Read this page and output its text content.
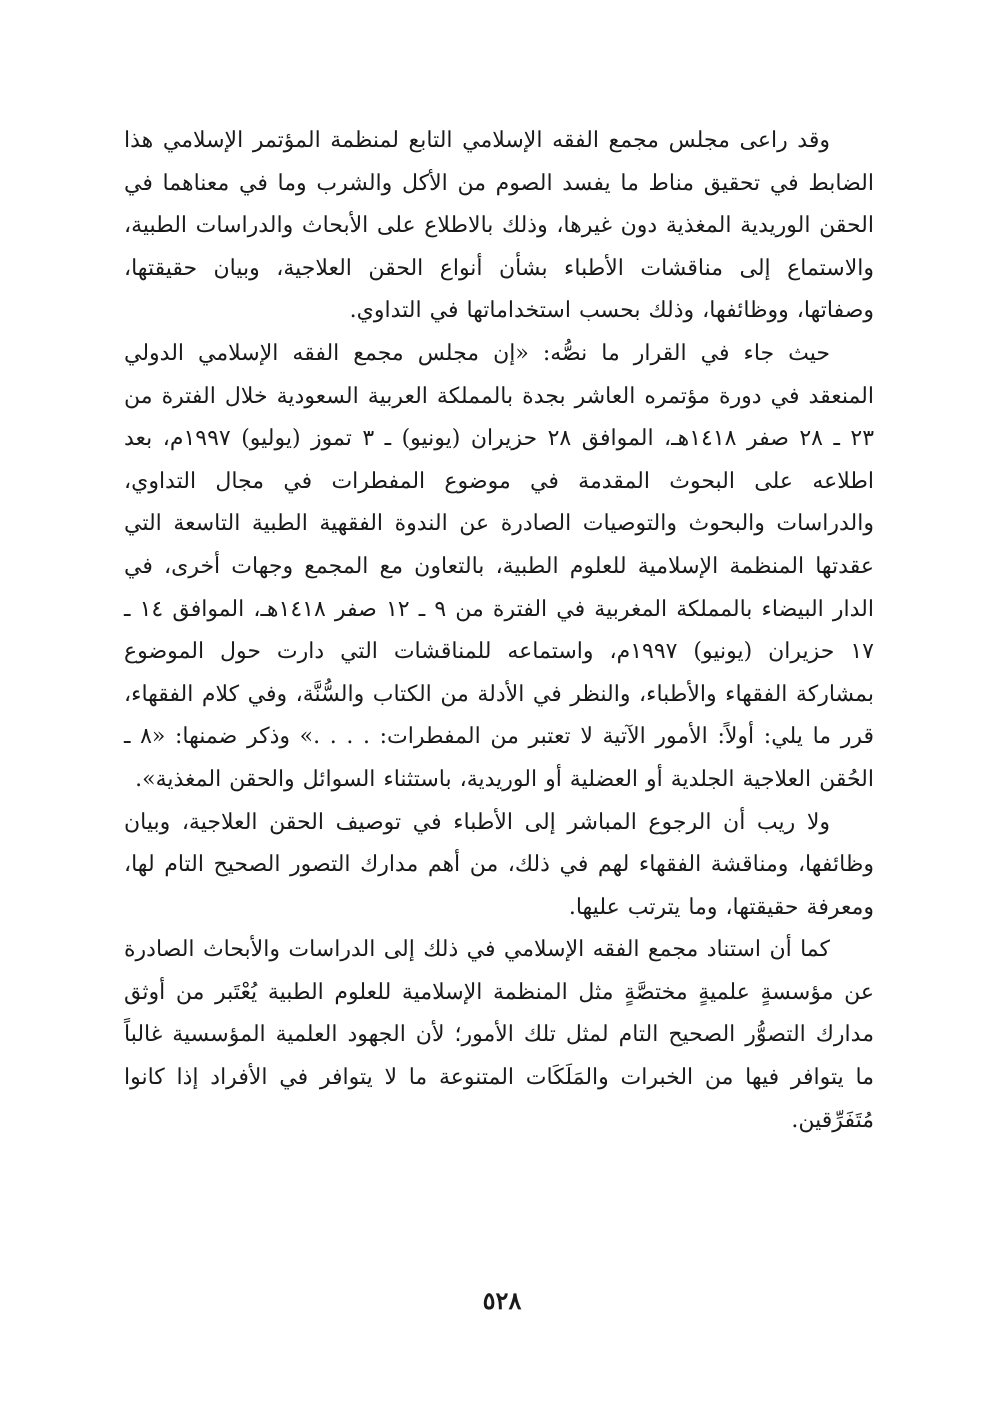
وقد راعى مجلس مجمع الفقه الإسلامي التابع لمنظمة المؤتمر الإسلامي هذا الضابط في تحقيق مناط ما يفسد الصوم من الأكل والشرب وما في معناهما في الحقن الوريدية المغذية دون غيرها، وذلك بالاطلاع على الأبحاث والدراسات الطبية، والاستماع إلى مناقشات الأطباء بشأن أنواع الحقن العلاجية، وبيان حقيقتها، وصفاتها، ووظائفها، وذلك بحسب استخداماتها في التداوي.

حيث جاء في القرار ما نصُّه: «إن مجلس مجمع الفقه الإسلامي الدولي المنعقد في دورة مؤتمره العاشر بجدة بالمملكة العربية السعودية خلال الفترة من ٢٣ ـ ٢٨ صفر ١٤١٨هـ، الموافق ٢٨ حزيران (يونيو) ـ ٣ تموز (يوليو) ١٩٩٧م، بعد اطلاعه على البحوث المقدمة في موضوع المفطرات في مجال التداوي، والدراسات والبحوث والتوصيات الصادرة عن الندوة الفقهية الطبية التاسعة التي عقدتها المنظمة الإسلامية للعلوم الطبية، بالتعاون مع المجمع وجهات أخرى، في الدار البيضاء بالمملكة المغربية في الفترة من ٩ ـ ١٢ صفر ١٤١٨هـ، الموافق ١٤ ـ ١٧ حزيران (يونيو) ١٩٩٧م، واستماعه للمناقشات التي دارت حول الموضوع بمشاركة الفقهاء والأطباء، والنظر في الأدلة من الكتاب والسُّنَّة، وفي كلام الفقهاء، قرر ما يلي: أولاً: الأمور الآتية لا تعتبر من المفطرات: . . . .» وذكر ضمنها: «٨ ـ الحُقن العلاجية الجلدية أو العضلية أو الوريدية، باستثناء السوائل والحقن المغذية».

ولا ريب أن الرجوع المباشر إلى الأطباء في توصيف الحقن العلاجية، وبيان وظائفها، ومناقشة الفقهاء لهم في ذلك، من أهم مدارك التصور الصحيح التام لها، ومعرفة حقيقتها، وما يترتب عليها.

كما أن استناد مجمع الفقه الإسلامي في ذلك إلى الدراسات والأبحاث الصادرة عن مؤسسةٍ علميةٍ مختصَّةٍ مثل المنظمة الإسلامية للعلوم الطبية يُعْتَبر من أوثق مدارك التصوُّر الصحيح التام لمثل تلك الأمور؛ لأن الجهود العلمية المؤسسية غالباً ما يتوافر فيها من الخبرات والمَلَكَات المتنوعة ما لا يتوافر في الأفراد إذا كانوا مُتَفَرِّقين.

٥٢٨
